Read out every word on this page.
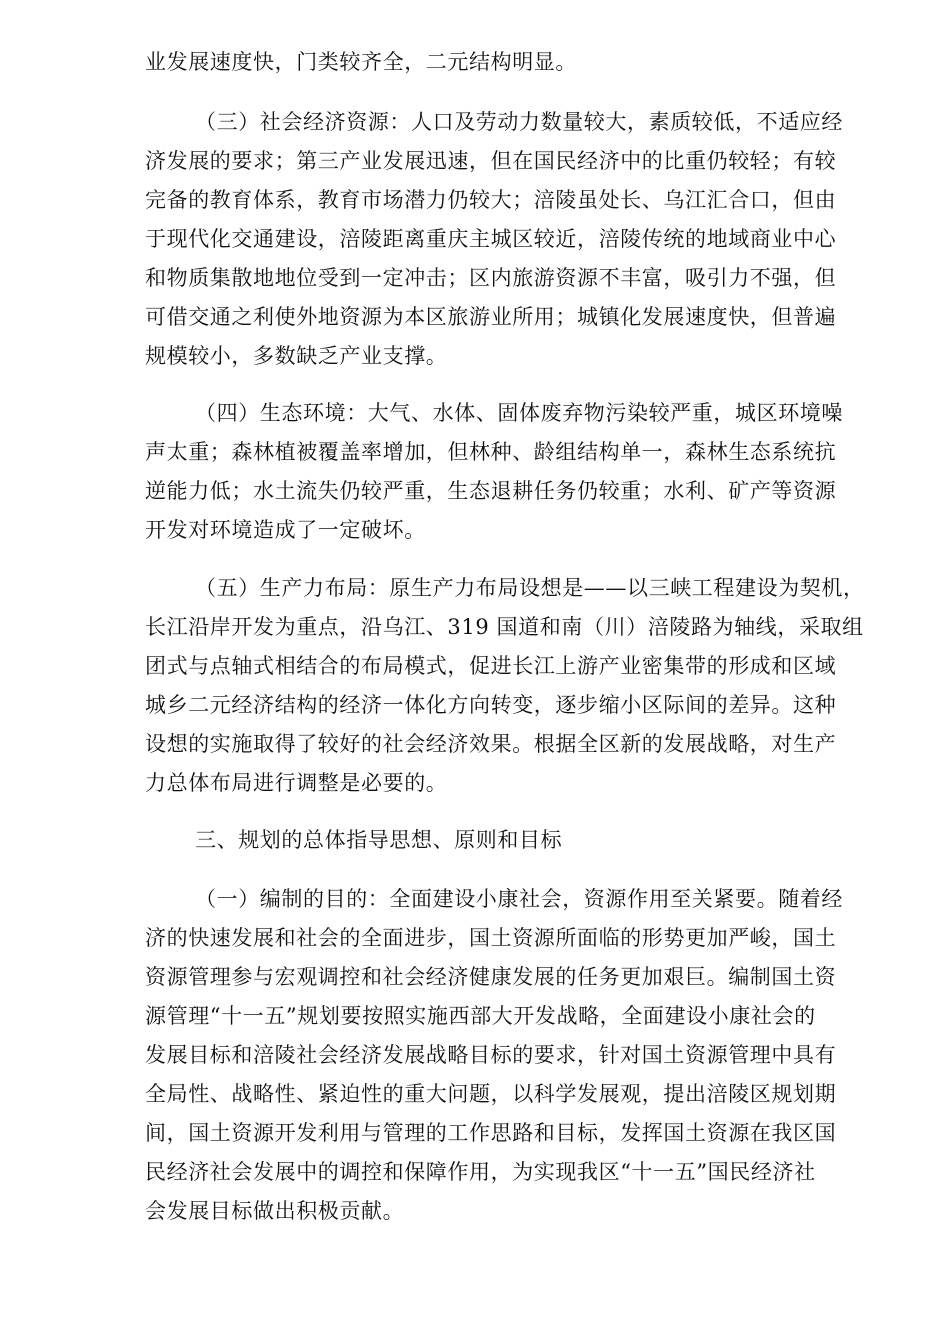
业发展速度快，门类较齐全，二元结构明显。
（三）社会经济资源：人口及劳动力数量较大，素质较低，不适应经
济发展的要求；第三产业发展迅速，但在国民经济中的比重仍较轻；有较
完备的教育体系，教育市场潜力仍较大；涪陵虽处长、乌江汇合口，但由
于现代化交通建设，涪陵距离重庆主城区较近，涪陵传统的地域商业中心
和物质集散地地位受到一定冲击；区内旅游资源不丰富，吸引力不强，但
可借交通之利使外地资源为本区旅游业所用；城镇化发展速度快，但普遍
规模较小，多数缺乏产业支撑。
（四）生态环境：大气、水体、固体废弃物污染较严重，城区环境噪
声太重；森林植被覆盖率增加，但林种、龄组结构单一，森林生态系统抗
逆能力低；水土流失仍较严重，生态退耕任务仍较重；水利、矿产等资源
开发对环境造成了一定破坏。
（五）生产力布局：原生产力布局设想是——以三峡工程建设为契机，
长江沿岸开发为重点，沿乌江、319 国道和南（川）涪陵路为轴线，采取组
团式与点轴式相结合的布局模式，促进长江上游产业密集带的形成和区域
城乡二元经济结构的经济一体化方向转变，逐步缩小区际间的差异。这种
设想的实施取得了较好的社会经济效果。根据全区新的发展战略，对生产
力总体布局进行调整是必要的。
三、规划的总体指导思想、原则和目标
（一）编制的目的：全面建设小康社会，资源作用至关紧要。随着经
济的快速发展和社会的全面进步，国土资源所面临的形势更加严峻，国土
资源管理参与宏观调控和社会经济健康发展的任务更加艰巨。编制国土资
源管理“十一五”规划要按照实施西部大开发战略，全面建设小康社会的
发展目标和涪陵社会经济发展战略目标的要求，针对国土资源管理中具有
全局性、战略性、紧迫性的重大问题，以科学发展观，提出涪陵区规划期
间，国土资源开发利用与管理的工作思路和目标，发挥国土资源在我区国
民经济社会发展中的调控和保障作用，为实现我区“十一五”国民经济社
会发展目标做出积极贡献。
